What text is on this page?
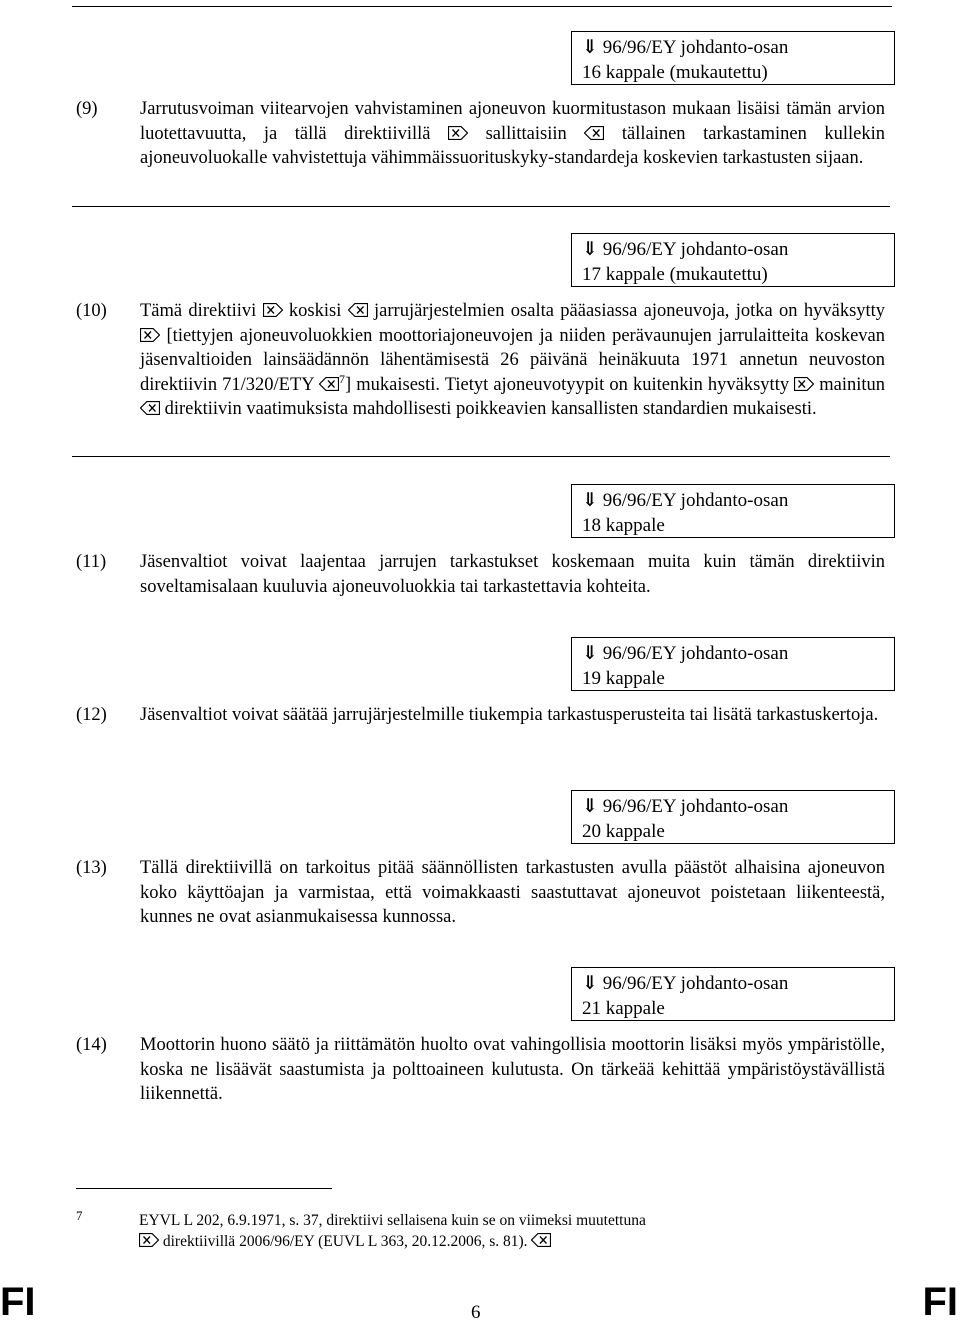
⇓ 96/96/EY johdanto-osan
16 kappale (mukautettu)
(9) Jarrutusvoiman viitearvojen vahvistaminen ajoneuvon kuormitustason mukaan lisäisi tämän arvion luotettavuutta, ja tällä direktiivillä	sallittaisiin	tällainen tarkastaminen kullekin ajoneuvoluokalle vahvistettuja vähimmäissuorituskyky-standardeja koskevien tarkastusten sijaan.
⇓ 96/96/EY johdanto-osan
17 kappale (mukautettu)
(10) Tämä direktiivi koskisi jarrujärjestelmien osalta pääasiassa ajoneuvoja, jotka on hyväksytty
[tiettyjen ajoneuvoluokkien moottoriajoneuvojen ja niiden perävaunujen jarrulaitteita koskevan jäsenvaltioiden lainsäädännön lähentämisestä 26 päivänä heinäkuuta 1971 annetun neuvoston direktiivin 71/320/ETY $^7$] mukaisesti. Tietyt ajoneuvotyypit on kuitenkin hyväksytty mainitun
direktiivin vaatimuksista mahdollisesti poikkeavien kansallisten standardien mukaisesti.
⇓ 96/96/EY johdanto-osan
18 kappale
(11) Jäsenvaltiot voivat laajentaa jarrujen tarkastukset koskemaan muita kuin tämän direktiivin soveltamisalaan kuuluvia ajoneuvoluokkia tai tarkastettavia kohteita.
⇓ 96/96/EY johdanto-osan
19 kappale
(12) Jäsenvaltiot voivat säätää jarrujärjestelmille tiukempia tarkastusperusteita tai lisätä tarkastuskertoja.
⇓ 96/96/EY johdanto-osan
20 kappale
(13) Tällä direktiivillä on tarkoitus pitää säännöllisten tarkastusten avulla päästöt alhaisina ajoneuvon koko käyttöajan ja varmistaa, että voimakkaasti saastuttavat ajoneuvot poistetaan liikenteestä, kunnes ne ovat asianmukaisessa kunnossa.
⇓ 96/96/EY johdanto-osan
21 kappale
(14) Moottorin huono säätö ja riittämätön huolto ovat vahingollisia moottorin lisäksi myös ympäristölle, koska ne lisäävät saastumista ja polttoaineen kulutusta. On tärkeää kehittää ympäristöystävällistä liikennettä.
7	EYVL L 202, 6.9.1971, s. 37, direktiivi sellaisena kuin se on viimeksi muutettuna

direktiivillä 2006/96/EY (EUVL L 363, 20.12.2006, s. 81).
FI	6	FI
